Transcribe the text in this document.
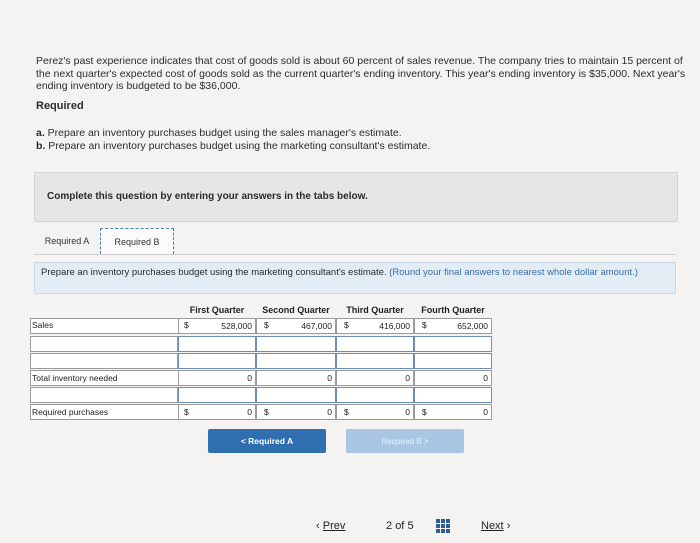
Perez's past experience indicates that cost of goods sold is about 60 percent of sales revenue. The company tries to maintain 15 percent of the next quarter's expected cost of goods sold as the current quarter's ending inventory. This year's ending inventory is $35,000. Next year's ending inventory is budgeted to be $36,000.
Required
a. Prepare an inventory purchases budget using the sales manager's estimate.
b. Prepare an inventory purchases budget using the marketing consultant's estimate.
Complete this question by entering your answers in the tabs below.
Required A	Required B

Prepare an inventory purchases budget using the marketing consultant's estimate. (Round your final answers to nearest whole dollar amount.)

First Quarter	Second Quarter	Third Quarter	Fourth Quarter
Sales	$	528,000	$	467,000	$	416,000	$	652,000
Total inventory needed	0	0	0	0
Required purchases	$	0	$	0	$	0	$	0
< Required A	Required B >
‹ Prev	2 of 5	Next ›
